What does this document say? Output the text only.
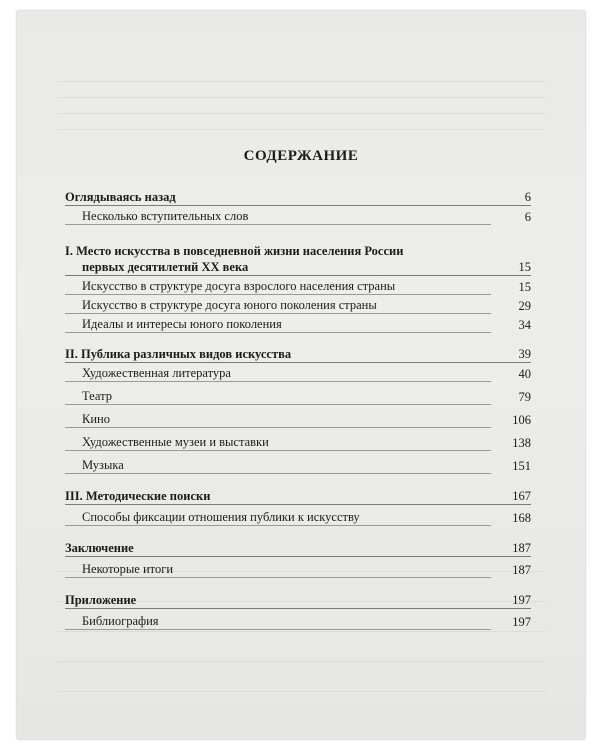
СОДЕРЖАНИЕ
Оглядываясь назад	6
Несколько вступительных слов	6
I. Место искусства в повседневной жизни населения России
первых десятилетий XX века	15
Искусство в структуре досуга взрослого населения страны	15
Искусство в структуре досуга юного поколения страны	29
Идеалы и интересы юного поколения	34
II. Публика различных видов искусства	39
Художественная литература	40
Театр	79
Кино	106
Художественные музеи и выставки	138
Музыка	151
III. Методические поиски	167
Способы фиксации отношения публики к искусству	168
Заключение	187
Некоторые итоги	187
Приложение	197
Библиография	197
